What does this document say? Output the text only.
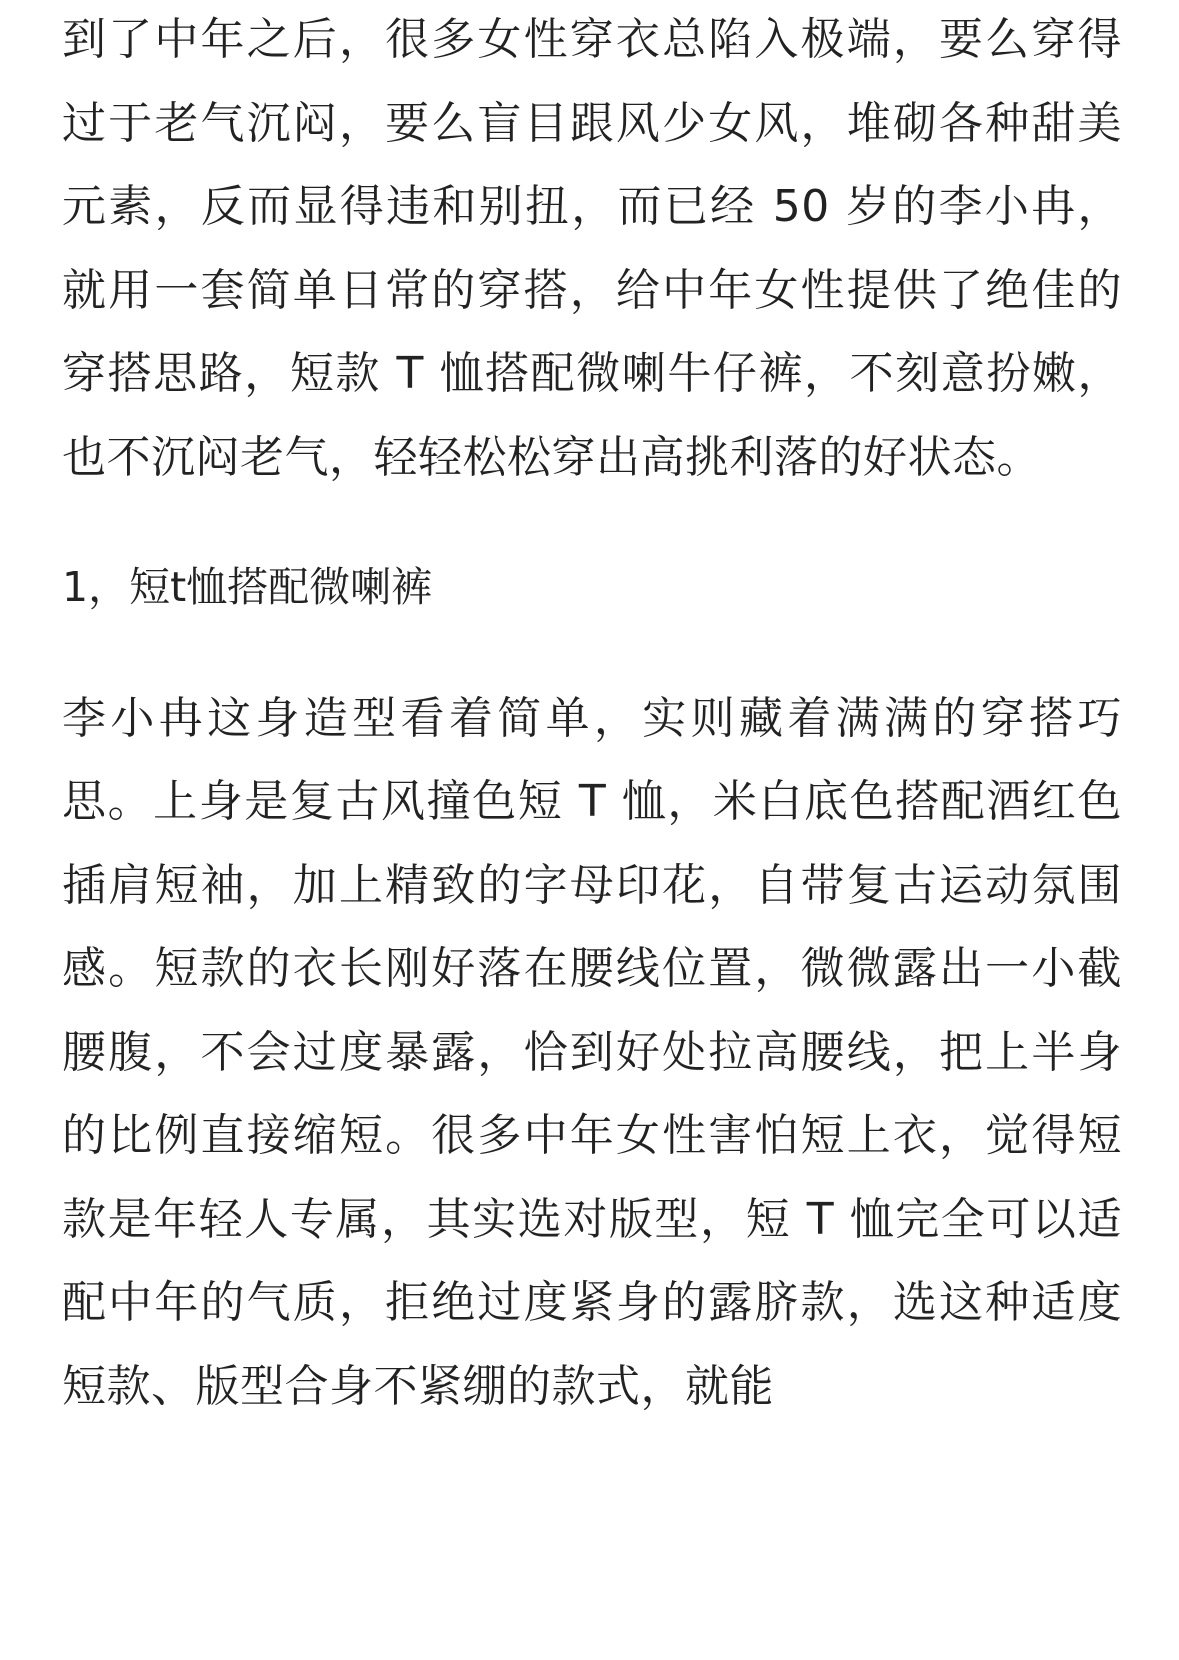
到了中年之后，很多女性穿衣总陷入极端，要么穿得过于老气沉闷，要么盲目跟风少女风，堆砌各种甜美元素，反而显得违和别扭，而已经 50 岁的李小冉，就用一套简单日常的穿搭，给中年女性提供了绝佳的穿搭思路，短款 T 恤搭配微喇牛仔裤，不刻意扮嫩，也不沉闷老气，轻轻松松穿出高挑利落的好状态。

1，短t恤搭配微喇裤

李小冉这身造型看着简单，实则藏着满满的穿搭巧思。上身是复古风撞色短 T 恤，米白底色搭配酒红色插肩短袖，加上精致的字母印花，自带复古运动氛围感。短款的衣长刚好落在腰线位置，微微露出一小截腰腹，不会过度暴露，恰到好处拉高腰线，把上半身的比例直接缩短。很多中年女性害怕短上衣，觉得短款是年轻人专属，其实选对版型，短 T 恤完全可以适配中年的气质，拒绝过度紧身的露脐款，选这种适度短款、版型合身不紧绷的款式，就能
